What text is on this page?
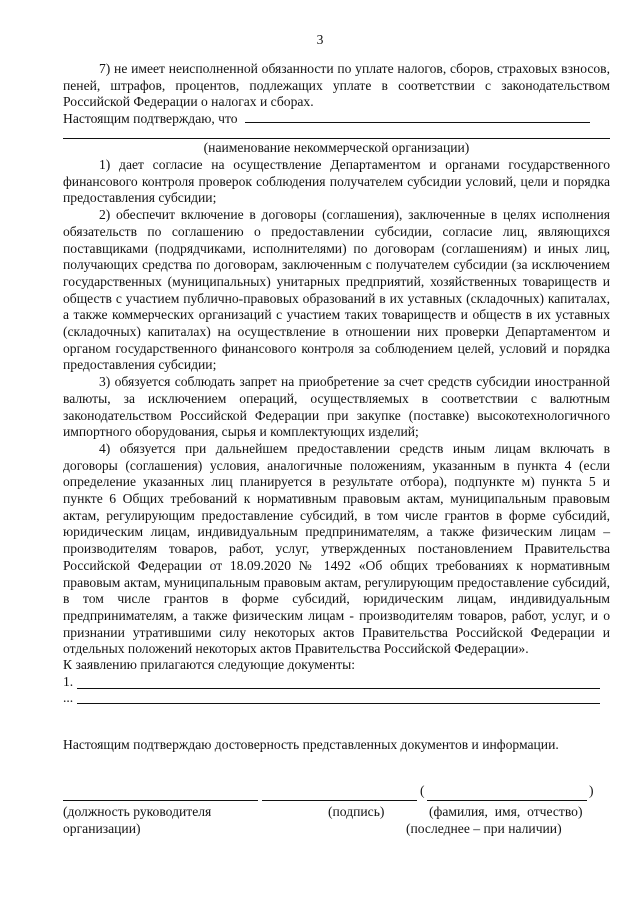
3

7) не имеет неисполненной обязанности по уплате налогов, сборов, страховых взносов, пеней, штрафов, процентов, подлежащих уплате в соответствии с законодательством Российской Федерации о налогах и сборах.

Настоящим подтверждаю, что
(наименование некоммерческой организации)

1) дает согласие на осуществление Департаментом и органами государственного финансового контроля проверок соблюдения получателем субсидии условий, цели и порядка предоставления субсидии;

2) обеспечит включение в договоры (соглашения), заключенные в целях исполнения обязательств по соглашению о предоставлении субсидии, согласие лиц, являющихся поставщиками (подрядчиками, исполнителями) по договорам (соглашениям) и иных лиц, получающих средства по договорам, заключенным с получателем субсидии (за исключением государственных (муниципальных) унитарных предприятий, хозяйственных товариществ и обществ с участием публично-правовых образований в их уставных (складочных) капиталах, а также коммерческих организаций с участием таких товариществ и обществ в их уставных (складочных) капиталах) на осуществление в отношении них проверки Департаментом и органом государственного финансового контроля за соблюдением целей, условий и порядка предоставления субсидии;

3) обязуется соблюдать запрет на приобретение за счет средств субсидии иностранной валюты, за исключением операций, осуществляемых в соответствии с валютным законодательством Российской Федерации при закупке (поставке) высокотехнологичного импортного оборудования, сырья и комплектующих изделий;

4) обязуется при дальнейшем предоставлении средств иным лицам включать в договоры (соглашения) условия, аналогичные положениям, указанным в пункта 4 (если определение указанных лиц планируется в результате отбора), подпункте м) пункта 5 и пункте 6 Общих требований к нормативным правовым актам, муниципальным правовым актам, регулирующим предоставление субсидий, в том числе грантов в форме субсидий, юридическим лицам, индивидуальным предпринимателям, а также физическим лицам – производителям товаров, работ, услуг, утвержденных постановлением Правительства Российской Федерации от 18.09.2020 № 1492 «Об общих требованиях к нормативным правовым актам, муниципальным правовым актам, регулирующим предоставление субсидий, в том числе грантов в форме субсидий, юридическим лицам, индивидуальным предпринимателям, а также физическим лицам - производителям товаров, работ, услуг, и о признании утратившими силу некоторых актов Правительства Российской Федерации и отдельных положений некоторых актов Правительства Российской Федерации».

К заявлению прилагаются следующие документы:
1.
...
Настоящим подтверждаю достоверность представленных документов и информации.
(	)
(должность руководителя
организации)
(подпись)	(фамилия,  имя,  отчество)
(последнее – при наличии)
